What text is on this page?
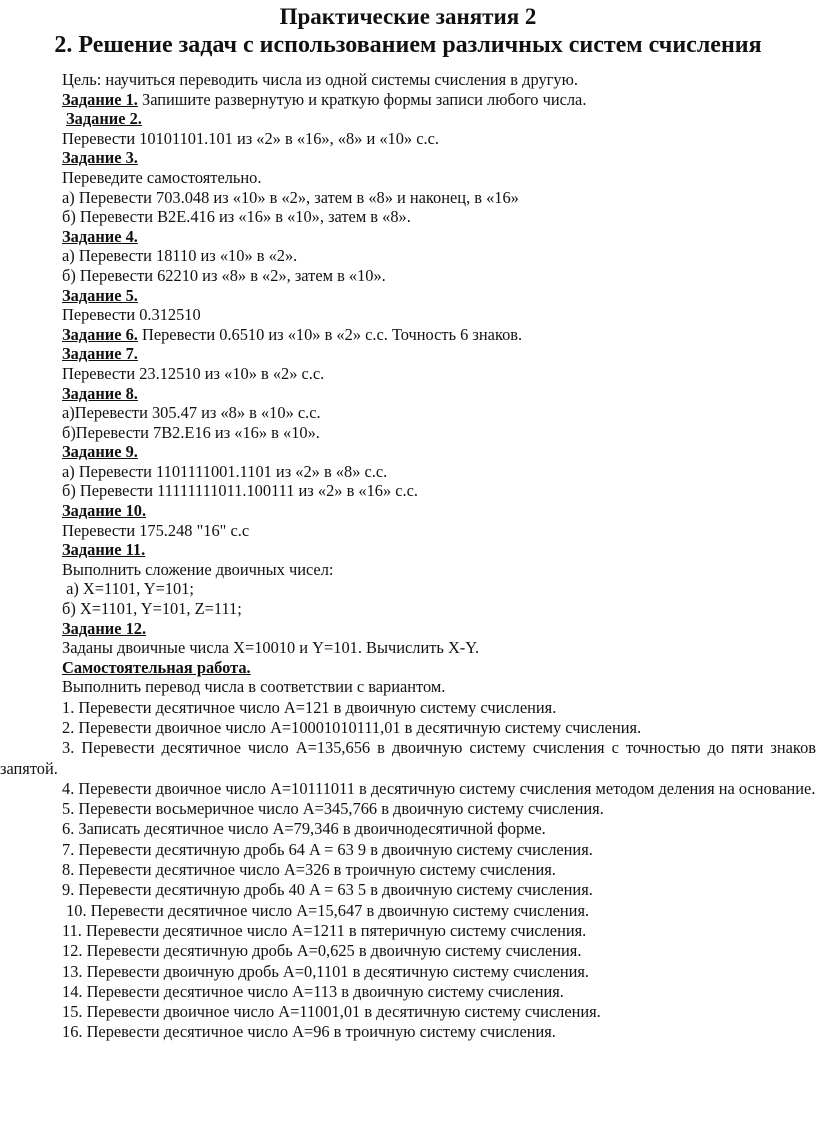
Практические занятия 2
2. Решение задач с использованием различных систем счисления

Цель: научиться переводить числа из одной системы счисления в другую.

Задание 1. Запишите развернутую и краткую формы записи любого числа.

Задание 2.

Перевести 10101101.101 из «2» в «16», «8» и «10» с.с.

Задание 3.

Переведите самостоятельно.

а) Перевести 703.048 из «10» в «2», затем в «8» и наконец, в «16»

б) Перевести B2E.416 из «16» в «10», затем в «8».

Задание 4.

а) Перевести 18110 из «10» в «2».

б) Перевести 62210 из «8» в «2», затем в «10».

Задание 5.

Перевести 0.312510

Задание 6. Перевести 0.6510 из «10» в «2» с.с. Точность 6 знаков.

Задание 7.

Перевести 23.12510 из «10» в «2» с.с.

Задание 8.

а)Перевести 305.47 из «8» в «10» с.с.

б)Перевести 7B2.E16 из «16» в «10».

Задание 9.

а) Перевести 1101111001.1101 из «2» в «8» с.с.

б) Перевести 11111111011.100111 из «2» в «16» с.с.

Задание 10.

Перевести 175.248 "16" с.с

Задание 11.

Выполнить сложение двоичных чисел:

а) X=1101, Y=101;

б) X=1101, Y=101, Z=111;

Задание 12.

Заданы двоичные числа X=10010 и Y=101. Вычислить X-Y.

Самостоятельная работа.

Выполнить перевод числа в соответствии с вариантом.

1. Перевести десятичное число А=121 в двоичную систему счисления.

2. Перевести двоичное число А=10001010111,01 в десятичную систему счисления.

3. Перевести десятичное число А=135,656 в двоичную систему счисления с точностью до пяти знаков запятой.

4. Перевести двоичное число А=10111011 в десятичную систему счисления методом деления на основание.

5. Перевести восьмеричное число А=345,766 в двоичную систему счисления.

6. Записать десятичное число А=79,346 в двоичнодесятичной форме.

7. Перевести десятичную дробь 64 A = 63 9 в двоичную систему счисления.

8. Перевести десятичное число А=326 в троичную систему счисления.

9. Перевести десятичную дробь 40 A = 63 5 в двоичную систему счисления.

10. Перевести десятичное число А=15,647 в двоичную систему счисления.

11. Перевести десятичное число А=1211 в пятеричную систему счисления.

12. Перевести десятичную дробь А=0,625 в двоичную систему счисления.

13. Перевести двоичную дробь А=0,1101 в десятичную систему счисления.

14. Перевести десятичное число А=113 в двоичную систему счисления.

15. Перевести двоичное число А=11001,01 в десятичную систему счисления.

16. Перевести десятичное число А=96 в троичную систему счисления.
